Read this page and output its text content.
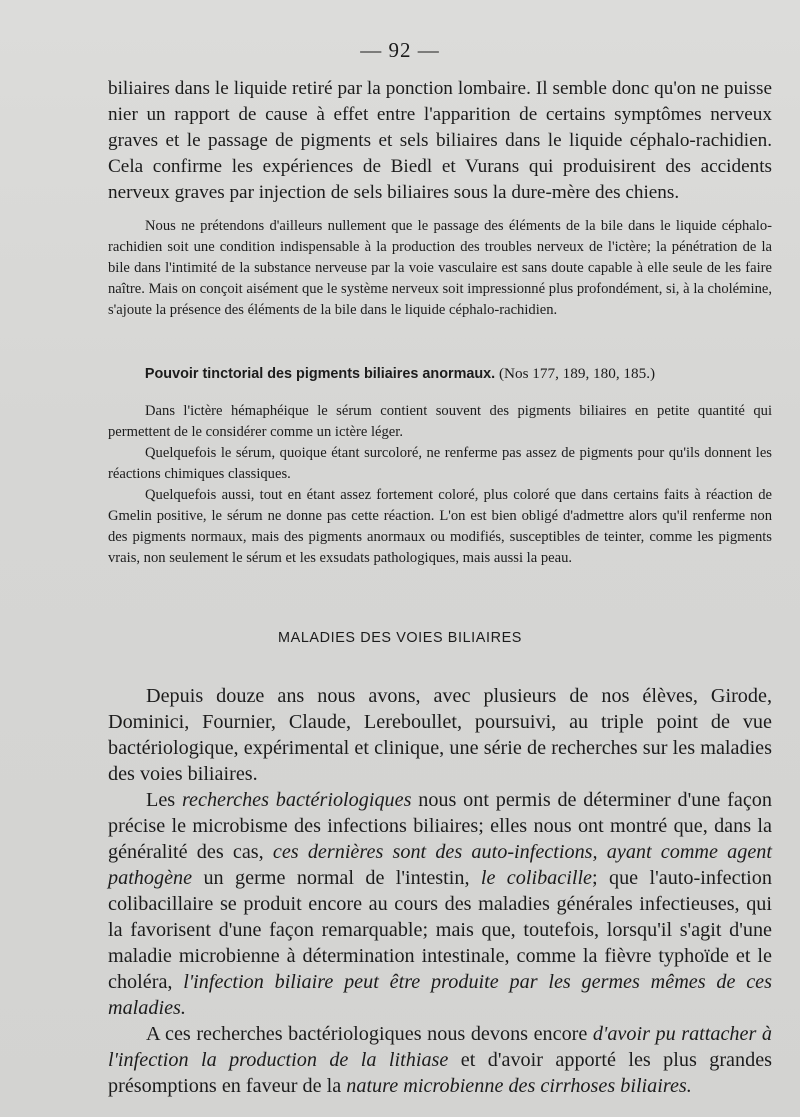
— 92 —

biliaires dans le liquide retiré par la ponction lombaire. Il semble donc qu'on ne puisse nier un rapport de cause à effet entre l'apparition de certains symptômes nerveux graves et le passage de pigments et sels biliaires dans le liquide céphalo-rachidien. Cela confirme les expériences de Biedl et Vurans qui produisirent des accidents nerveux graves par injection de sels biliaires sous la dure-mère des chiens.

Nous ne prétendons d'ailleurs nullement que le passage des éléments de la bile dans le liquide céphalo-rachidien soit une condition indispensable à la production des troubles nerveux de l'ictère; la pénétration de la bile dans l'intimité de la substance nerveuse par la voie vasculaire est sans doute capable à elle seule de les faire naître. Mais on conçoit aisément que le système nerveux soit impressionné plus profondément, si, à la cholémine, s'ajoute la présence des éléments de la bile dans le liquide céphalo-rachidien.

Pouvoir tinctorial des pigments biliaires anormaux. (Nos 177, 189, 180, 185.)

Dans l'ictère hémaphéique le sérum contient souvent des pigments biliaires en petite quantité qui permettent de le considérer comme un ictère léger.

Quelquefois le sérum, quoique étant surcoloré, ne renferme pas assez de pigments pour qu'ils donnent les réactions chimiques classiques.

Quelquefois aussi, tout en étant assez fortement coloré, plus coloré que dans certains faits à réaction de Gmelin positive, le sérum ne donne pas cette réaction. L'on est bien obligé d'admettre alors qu'il renferme non des pigments normaux, mais des pigments anormaux ou modifiés, susceptibles de teinter, comme les pigments vrais, non seulement le sérum et les exsudats pathologiques, mais aussi la peau.

MALADIES DES VOIES BILIAIRES

Depuis douze ans nous avons, avec plusieurs de nos élèves, Girode, Dominici, Fournier, Claude, Lereboullet, poursuivi, au triple point de vue bactériologique, expérimental et clinique, une série de recherches sur les maladies des voies biliaires.

Les recherches bactériologiques nous ont permis de déterminer d'une façon précise le microbisme des infections biliaires; elles nous ont montré que, dans la généralité des cas, ces dernières sont des auto-infections, ayant comme agent pathogène un germe normal de l'intestin, le colibacille; que l'auto-infection colibacillaire se produit encore au cours des maladies générales infectieuses, qui la favorisent d'une façon remarquable; mais que, toutefois, lorsqu'il s'agit d'une maladie microbienne à détermination intestinale, comme la fièvre typhoïde et le choléra, l'infection biliaire peut être produite par les germes mêmes de ces maladies.

A ces recherches bactériologiques nous devons encore d'avoir pu rattacher à l'infection la production de la lithiase et d'avoir apporté les plus grandes présomptions en faveur de la nature microbienne des cirrhoses biliaires.
